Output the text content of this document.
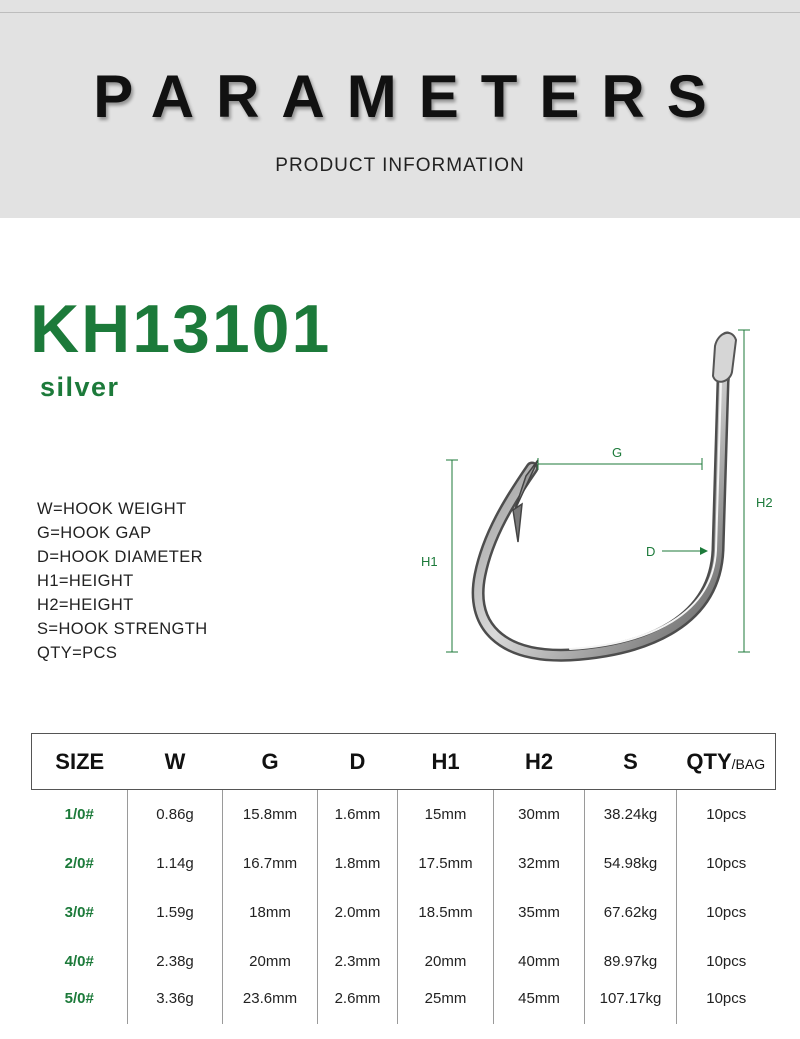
PARAMETERS
PRODUCT INFORMATION
KH13101
silver
W=HOOK WEIGHT
G=HOOK GAP
D=HOOK DIAMETER
H1=HEIGHT
H2=HEIGHT
S=HOOK STRENGTH
QTY=PCS
G
D
H1
H2
SIZE	W	G	D	H1	H2	S	QTY/BAG
1/0#	0.86g	15.8mm	1.6mm	15mm	30mm	38.24kg	10pcs
2/0#	1.14g	16.7mm	1.8mm	17.5mm	32mm	54.98kg	10pcs
3/0#	1.59g	18mm	2.0mm	18.5mm	35mm	67.62kg	10pcs
4/0#	2.38g	20mm	2.3mm	20mm	40mm	89.97kg	10pcs
5/0#	3.36g	23.6mm	2.6mm	25mm	45mm	107.17kg	10pcs
